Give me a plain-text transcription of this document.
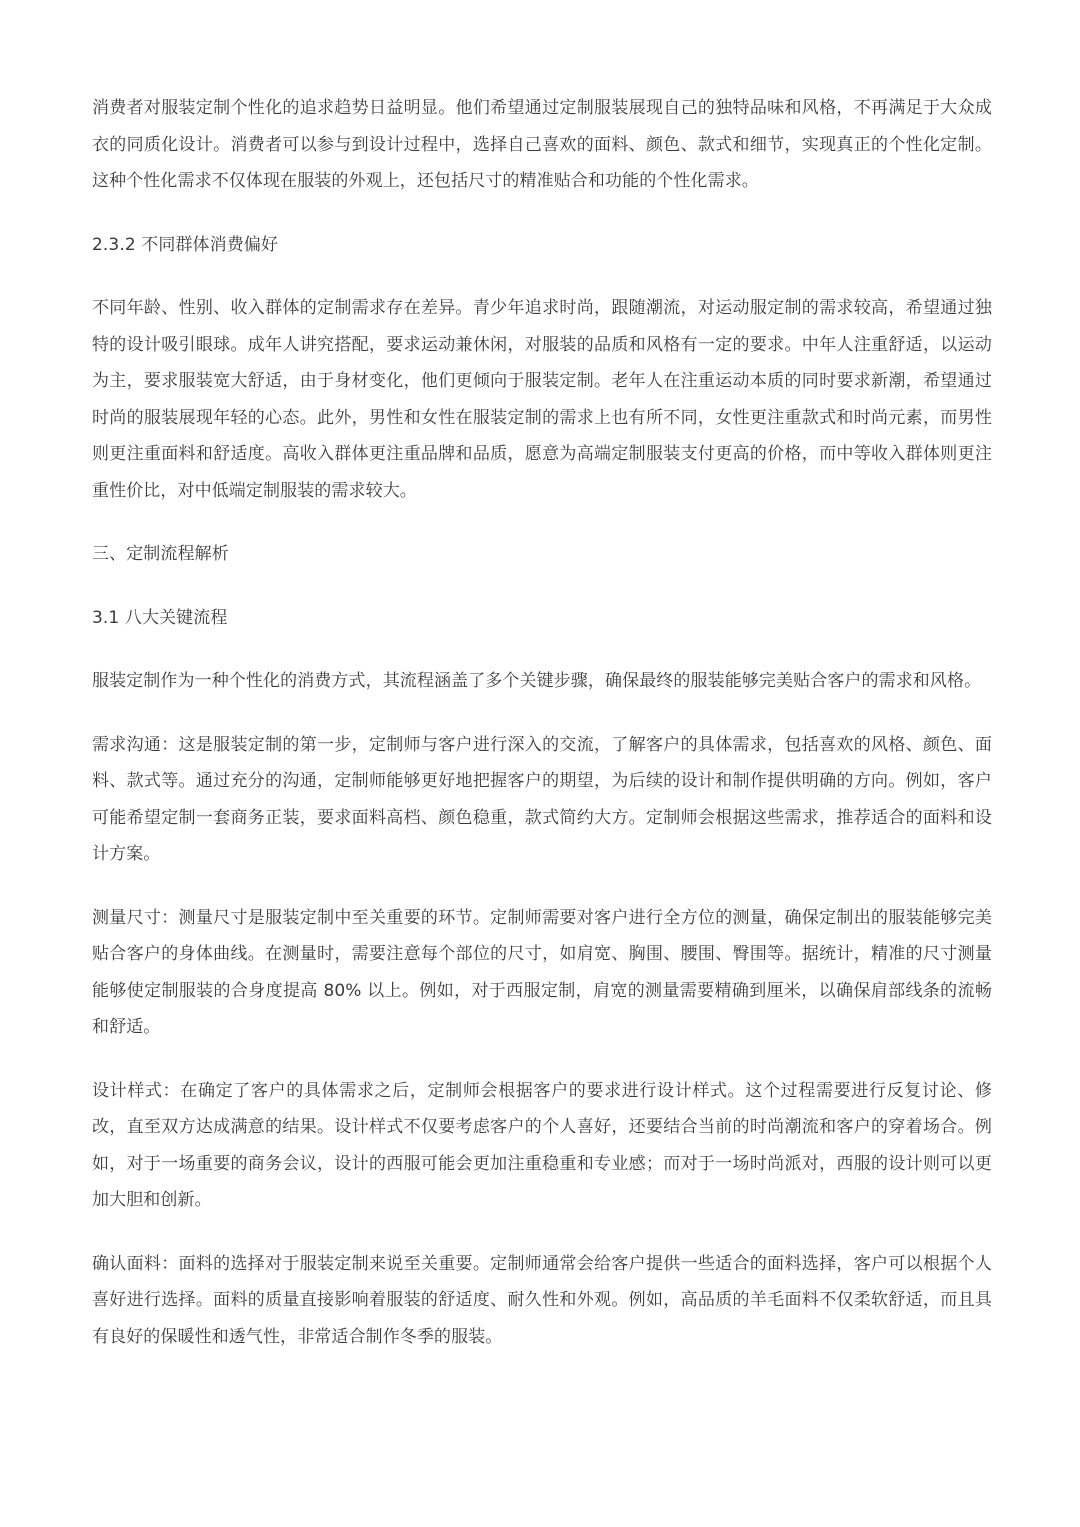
消费者对服装定制个性化的追求趋势日益明显。他们希望通过定制服装展现自己的独特品味和风格，不再满足于大众成衣的同质化设计。消费者可以参与到设计过程中，选择自己喜欢的面料、颜色、款式和细节，实现真正的个性化定制。这种个性化需求不仅体现在服装的外观上，还包括尺寸的精准贴合和功能的个性化需求。

2.3.2 不同群体消费偏好

不同年龄、性别、收入群体的定制需求存在差异。青少年追求时尚，跟随潮流，对运动服定制的需求较高，希望通过独特的设计吸引眼球。成年人讲究搭配，要求运动兼休闲，对服装的品质和风格有一定的要求。中年人注重舒适，以运动为主，要求服装宽大舒适，由于身材变化，他们更倾向于服装定制。老年人在注重运动本质的同时要求新潮，希望通过时尚的服装展现年轻的心态。此外，男性和女性在服装定制的需求上也有所不同，女性更注重款式和时尚元素，而男性则更注重面料和舒适度。高收入群体更注重品牌和品质，愿意为高端定制服装支付更高的价格，而中等收入群体则更注重性价比，对中低端定制服装的需求较大。

三、定制流程解析

3.1 八大关键流程

服装定制作为一种个性化的消费方式，其流程涵盖了多个关键步骤，确保最终的服装能够完美贴合客户的需求和风格。

需求沟通：这是服装定制的第一步，定制师与客户进行深入的交流，了解客户的具体需求，包括喜欢的风格、颜色、面料、款式等。通过充分的沟通，定制师能够更好地把握客户的期望，为后续的设计和制作提供明确的方向。例如，客户可能希望定制一套商务正装，要求面料高档、颜色稳重，款式简约大方。定制师会根据这些需求，推荐适合的面料和设计方案。

测量尺寸：测量尺寸是服装定制中至关重要的环节。定制师需要对客户进行全方位的测量，确保定制出的服装能够完美贴合客户的身体曲线。在测量时，需要注意每个部位的尺寸，如肩宽、胸围、腰围、臀围等。据统计，精准的尺寸测量能够使定制服装的合身度提高 80% 以上。例如，对于西服定制，肩宽的测量需要精确到厘米，以确保肩部线条的流畅和舒适。

设计样式：在确定了客户的具体需求之后，定制师会根据客户的要求进行设计样式。这个过程需要进行反复讨论、修改，直至双方达成满意的结果。设计样式不仅要考虑客户的个人喜好，还要结合当前的时尚潮流和客户的穿着场合。例如，对于一场重要的商务会议，设计的西服可能会更加注重稳重和专业感；而对于一场时尚派对，西服的设计则可以更加大胆和创新。

确认面料：面料的选择对于服装定制来说至关重要。定制师通常会给客户提供一些适合的面料选择，客户可以根据个人喜好进行选择。面料的质量直接影响着服装的舒适度、耐久性和外观。例如，高品质的羊毛面料不仅柔软舒适，而且具有良好的保暖性和透气性，非常适合制作冬季的服装。
